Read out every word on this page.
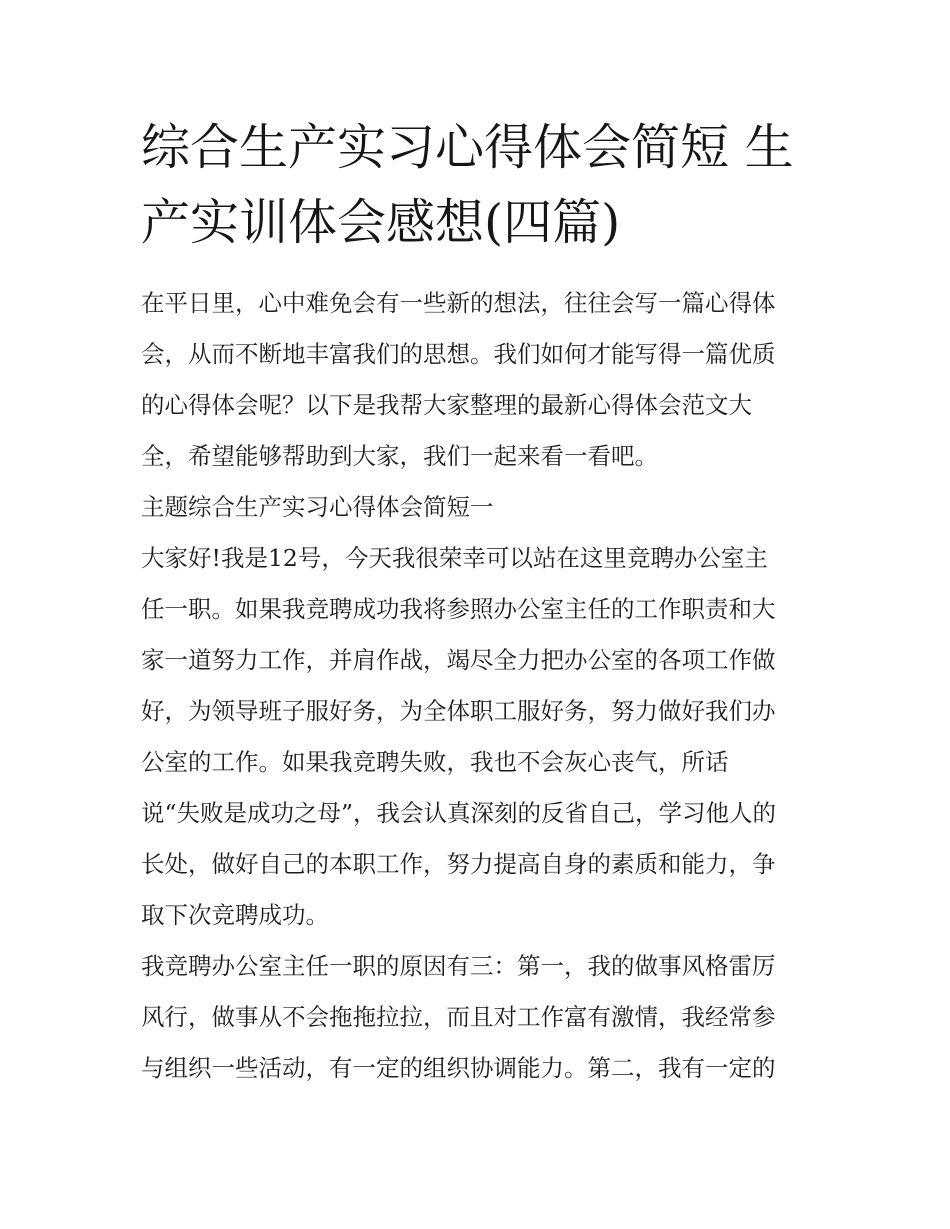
综合生产实习心得体会简短 生
产实训体会感想(四篇)

在平日里，心中难免会有一些新的想法，往往会写一篇心得体
会，从而不断地丰富我们的思想。我们如何才能写得一篇优质
的心得体会呢？以下是我帮大家整理的最新心得体会范文大
全，希望能够帮助到大家，我们一起来看一看吧。

主题综合生产实习心得体会简短一

大家好!我是12号，今天我很荣幸可以站在这里竞聘办公室主
任一职。如果我竞聘成功我将参照办公室主任的工作职责和大
家一道努力工作，并肩作战，竭尽全力把办公室的各项工作做
好，为领导班子服好务，为全体职工服好务，努力做好我们办
公室的工作。如果我竞聘失败，我也不会灰心丧气，所话
说“失败是成功之母”，我会认真深刻的反省自己，学习他人的
长处，做好自己的本职工作，努力提高自身的素质和能力，争
取下次竞聘成功。

我竞聘办公室主任一职的原因有三：第一，我的做事风格雷厉
风行，做事从不会拖拖拉拉，而且对工作富有激情，我经常参
与组织一些活动，有一定的组织协调能力。第二，我有一定的
